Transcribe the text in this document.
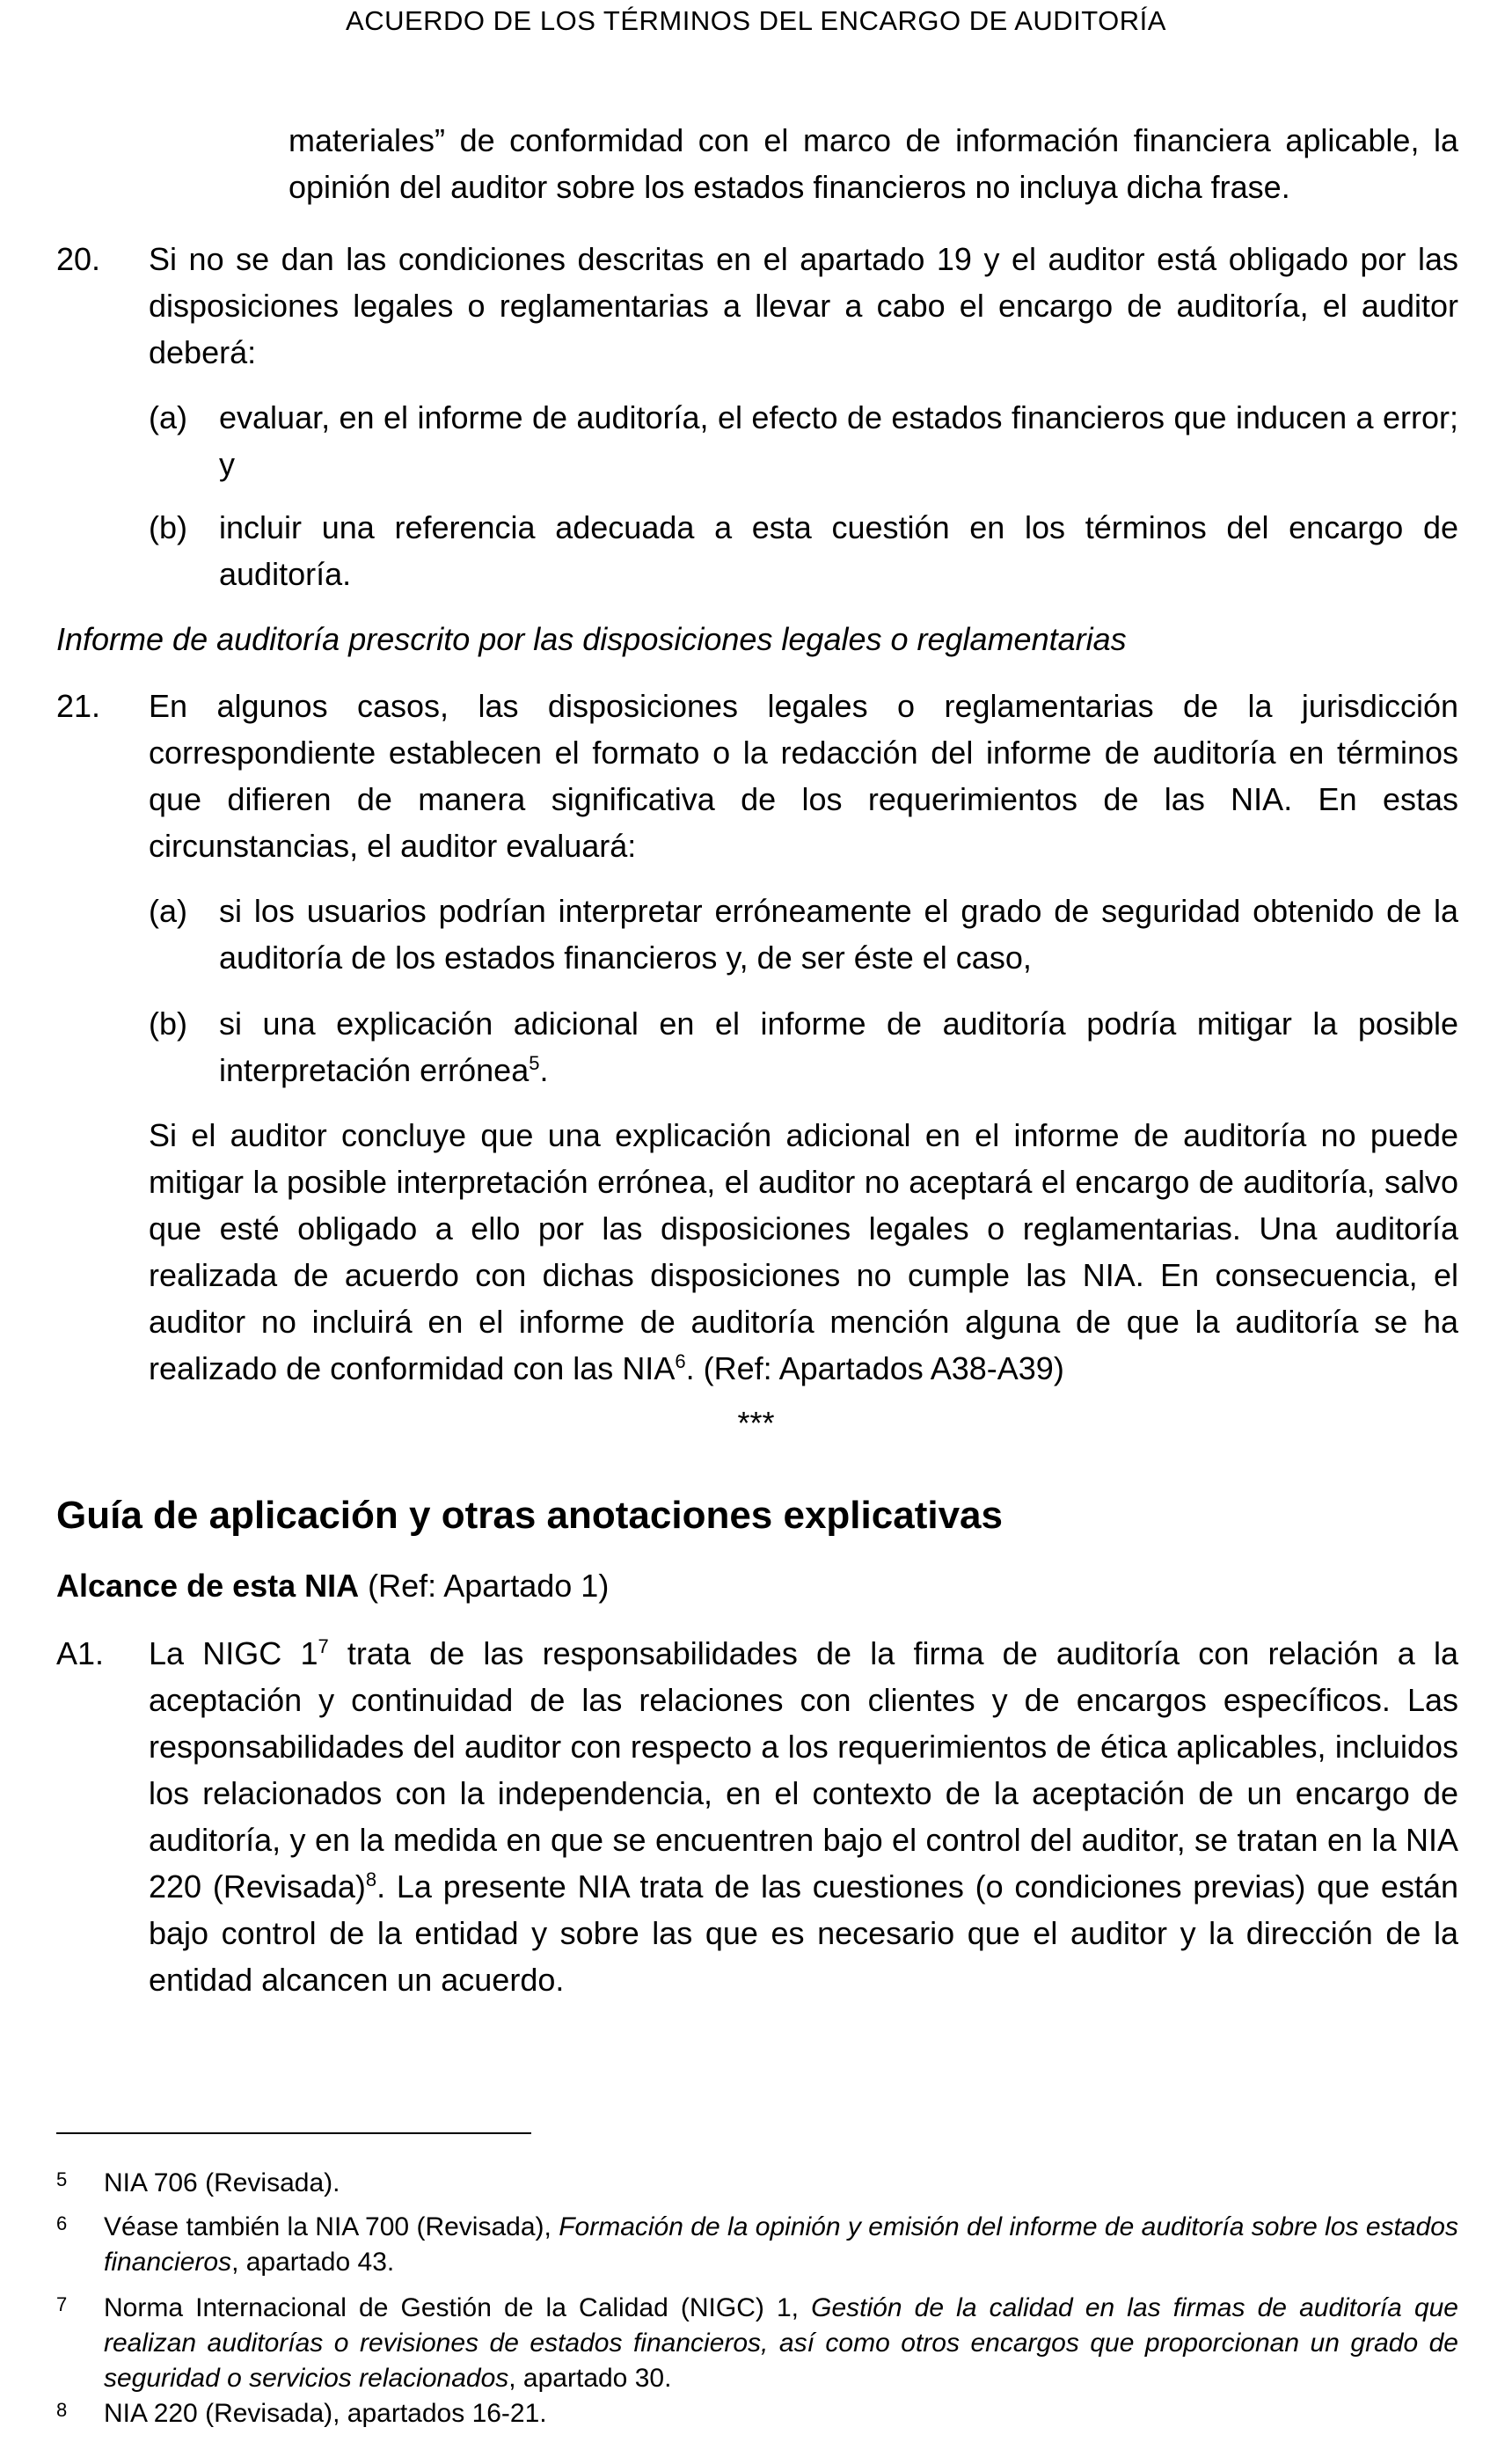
ACUERDO DE LOS TÉRMINOS DEL ENCARGO DE AUDITORÍA
materiales” de conformidad con el marco de información financiera aplicable, la opinión del auditor sobre los estados financieros no incluya dicha frase.
20. Si no se dan las condiciones descritas en el apartado 19 y el auditor está obligado por las disposiciones legales o reglamentarias a llevar a cabo el encargo de auditoría, el auditor deberá:
(a) evaluar, en el informe de auditoría, el efecto de estados financieros que inducen a error; y
(b) incluir una referencia adecuada a esta cuestión en los términos del encargo de auditoría.
Informe de auditoría prescrito por las disposiciones legales o reglamentarias
21. En algunos casos, las disposiciones legales o reglamentarias de la jurisdicción correspondiente establecen el formato o la redacción del informe de auditoría en términos que difieren de manera significativa de los requerimientos de las NIA. En estas circunstancias, el auditor evaluará:
(a) si los usuarios podrían interpretar erróneamente el grado de seguridad obtenido de la auditoría de los estados financieros y, de ser éste el caso,
(b) si una explicación adicional en el informe de auditoría podría mitigar la posible interpretación errónea$^5$.
Si el auditor concluye que una explicación adicional en el informe de auditoría no puede mitigar la posible interpretación errónea, el auditor no aceptará el encargo de auditoría, salvo que esté obligado a ello por las disposiciones legales o reglamentarias. Una auditoría realizada de acuerdo con dichas disposiciones no cumple las NIA. En consecuencia, el auditor no incluirá en el informe de auditoría mención alguna de que la auditoría se ha realizado de conformidad con las NIA$^6$. (Ref: Apartados A38-A39)
***
Guía de aplicación y otras anotaciones explicativas
Alcance de esta NIA (Ref: Apartado 1)
A1. La NIGC $1^7$ trata de las responsabilidades de la firma de auditoría con relación a la aceptación y continuidad de las relaciones con clientes y de encargos específicos. Las responsabilidades del auditor con respecto a los requerimientos de ética aplicables, incluidos los relacionados con la independencia, en el contexto de la aceptación de un encargo de auditoría, y en la medida en que se encuentren bajo el control del auditor, se tratan en la NIA 220 (Revisada)$^8$. La presente NIA trata de las cuestiones (o condiciones previas) que están bajo control de la entidad y sobre las que es necesario que el auditor y la dirección de la entidad alcancen un acuerdo.
5 NIA 706 (Revisada).
6 Véase también la NIA 700 (Revisada), Formación de la opinión y emisión del informe de auditoría sobre los estados financieros, apartado 43.
7 Norma Internacional de Gestión de la Calidad (NIGC) 1, Gestión de la calidad en las firmas de auditoría que realizan auditorías o revisiones de estados financieros, así como otros encargos que proporcionan un grado de seguridad o servicios relacionados, apartado 30.
8 NIA 220 (Revisada), apartados 16-21.
